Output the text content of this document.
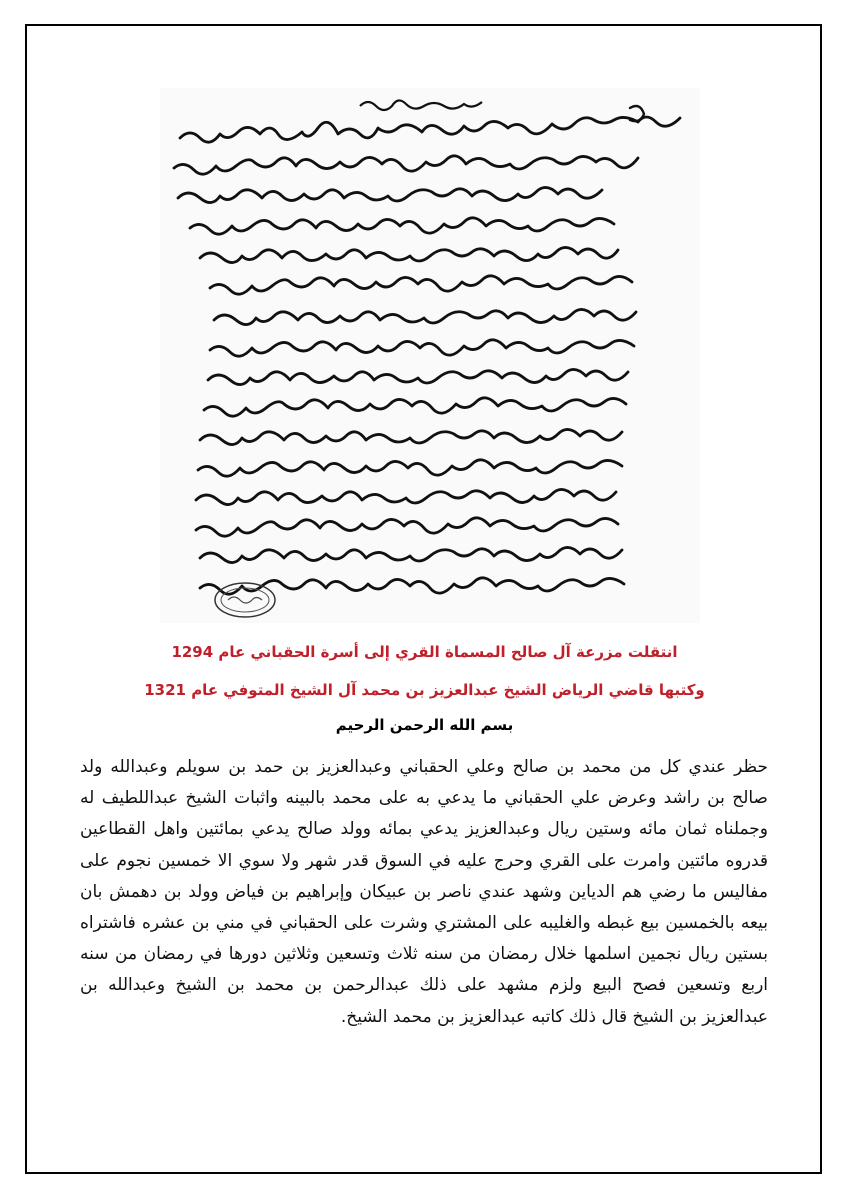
انتقلت مزرعة آل صالح المسماة القري إلى أسرة الحقباني عام 1294
وكتبها قاضي الرياض الشيخ عبدالعزيز بن محمد آل الشيخ المتوفي عام 1321
بسم الله الرحمن الرحيم

حظر عندي كل من محمد بن صالح وعلي الحقباني وعبدالعزيز بن حمد بن سويلم وعبدالله ولد صالح بن راشد وعرض علي الحقباني ما يدعي به على محمد بالبينه واثبات الشيخ عبداللطيف له وجملناه ثمان مائه وستين ريال وعبدالعزيز يدعي بمائه وولد صالح يدعي بمائتين واهل القطاعين قدروه مائتين وامرت على القري وحرج عليه في السوق قدر شهر ولا سوي الا خمسين نجوم على مفاليس ما رضي هم الدياين وشهد عندي ناصر بن عبيكان وإبراهيم بن فياض وولد بن دهمش بان بيعه بالخمسين بيع غبطه والغليبه على المشتري وشرت على الحقباني في مني بن عشره فاشتراه بستين ريال نجمين اسلمها خلال رمضان من سنه ثلاث وتسعين وثلاثين دورها في رمضان من سنه اربع وتسعين فصح البيع ولزم مشهد على ذلك عبدالرحمن بن محمد بن الشيخ وعبدالله بن عبدالعزيز بن الشيخ قال ذلك كاتبه عبدالعزيز بن محمد الشيخ.
